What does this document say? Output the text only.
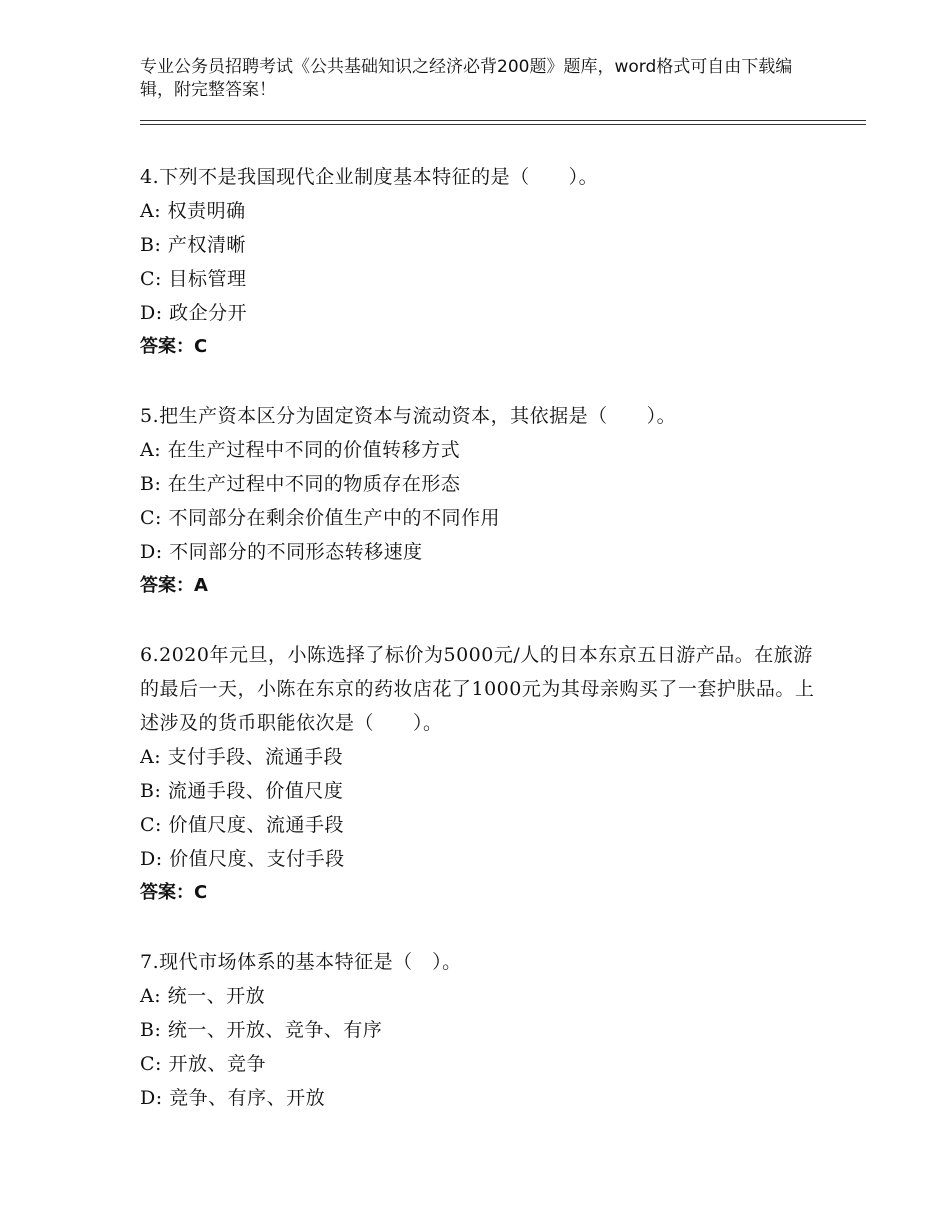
专业公务员招聘考试《公共基础知识之经济必背200题》题库，word格式可自由下载编辑，附完整答案！

4.下列不是我国现代企业制度基本特征的是（　　）。

A: 权责明确

B: 产权清晰

C: 目标管理

D: 政企分开

答案：C

5.把生产资本区分为固定资本与流动资本，其依据是（　　）。

A: 在生产过程中不同的价值转移方式

B: 在生产过程中不同的物质存在形态

C: 不同部分在剩余价值生产中的不同作用

D: 不同部分的不同形态转移速度

答案：A

6.2020年元旦，小陈选择了标价为5000元/人的日本东京五日游产品。在旅游的最后一天，小陈在东京的药妆店花了1000元为其母亲购买了一套护肤品。上述涉及的货币职能依次是（　　）。

A: 支付手段、流通手段

B: 流通手段、价值尺度

C: 价值尺度、流通手段

D: 价值尺度、支付手段

答案：C

7.现代市场体系的基本特征是（　）。

A: 统一、开放

B: 统一、开放、竞争、有序

C: 开放、竞争

D: 竞争、有序、开放
